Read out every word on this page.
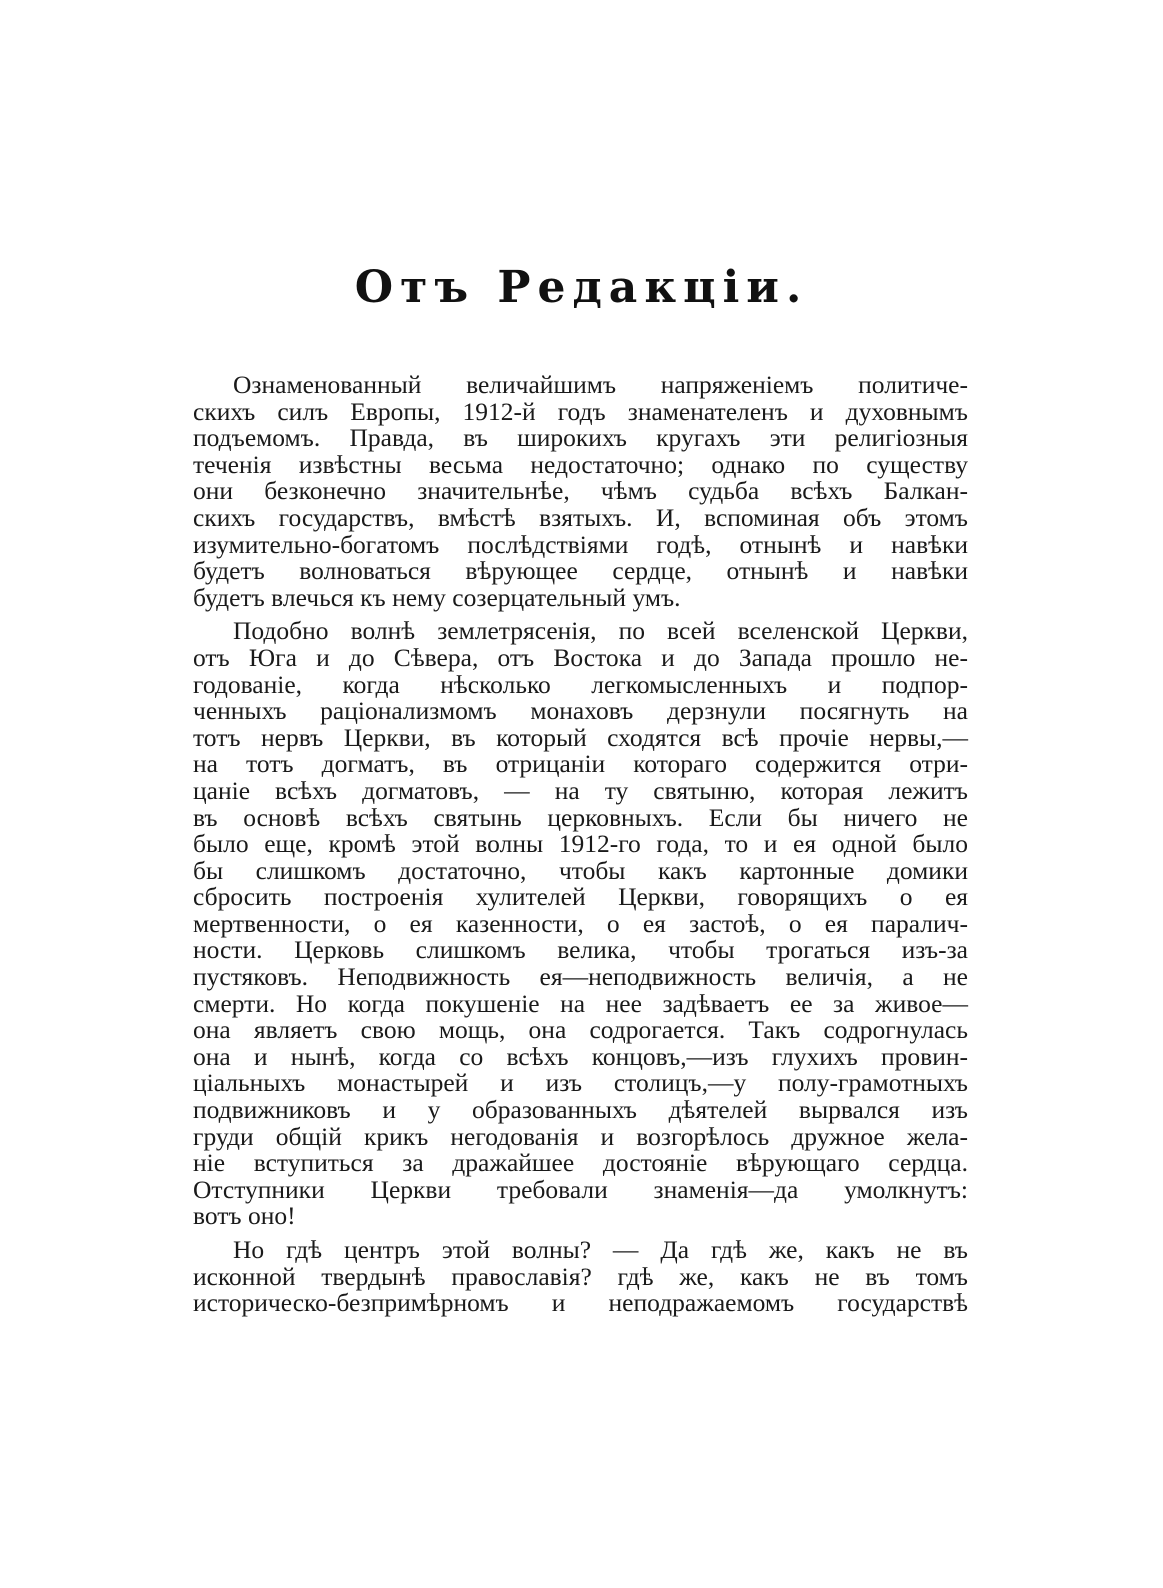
Отъ Редакціи.
Ознаменованный величайшимъ напряженіемъ политиче-
скихъ силъ Европы, 1912-й годъ знаменателенъ и духовнымъ
подъемомъ. Правда, въ широкихъ кругахъ эти религіозныя
теченія извѣстны весьма недостаточно; однако по существу
они безконечно значительнѣе, чѣмъ судьба всѣхъ Балкан-
скихъ государствъ, вмѣстѣ взятыхъ. И, вспоминая объ этомъ
изумительно-богатомъ послѣдствіями годѣ, отнынѣ и навѣки
будетъ волноваться вѣрующее сердце, отнынѣ и навѣки
будетъ влечься къ нему созерцательный умъ.
Подобно волнѣ землетрясенія, по всей вселенской Церкви,
отъ Юга и до Сѣвера, отъ Востока и до Запада прошло не-
годованіе, когда нѣсколько легкомысленныхъ и подпор-
ченныхъ раціонализмомъ монаховъ дерзнули посягнуть на
тотъ нервъ Церкви, въ который сходятся всѣ прочіе нервы,—
на тотъ догматъ, въ отрицаніи котораго содержится отри-
цаніе всѣхъ догматовъ, — на ту святыню, которая лежитъ
въ основѣ всѣхъ святынь церковныхъ. Если бы ничего не
было еще, кромѣ этой волны 1912-го года, то и ея одной было
бы слишкомъ достаточно, чтобы какъ картонные домики
сбросить построенія хулителей Церкви, говорящихъ о ея
мертвенности, о ея казенности, о ея застоѣ, о ея паралич-
ности. Церковь слишкомъ велика, чтобы трогаться изъ-за
пустяковъ. Неподвижность ея—неподвижность величія, а не
смерти. Но когда покушеніе на нее задѣваетъ ее за живое—
она являетъ свою мощь, она содрогается. Такъ содрогнулась
она и нынѣ, когда со всѣхъ концовъ,—изъ глухихъ провин-
ціальныхъ монастырей и изъ столицъ,—у полу-грамотныхъ
подвижниковъ и у образованныхъ дѣятелей вырвался изъ
груди общій крикъ негодованія и возгорѣлось дружное жела-
ніе вступиться за дражайшее достояніе вѣрующаго сердца.
Отступники Церкви требовали знаменія—да умолкнутъ:
вотъ оно!
Но гдѣ центръ этой волны? — Да гдѣ же, какъ не въ
исконной твердынѣ православія? гдѣ же, какъ не въ томъ
историческо-безпримѣрномъ и неподражаемомъ государствѣ
